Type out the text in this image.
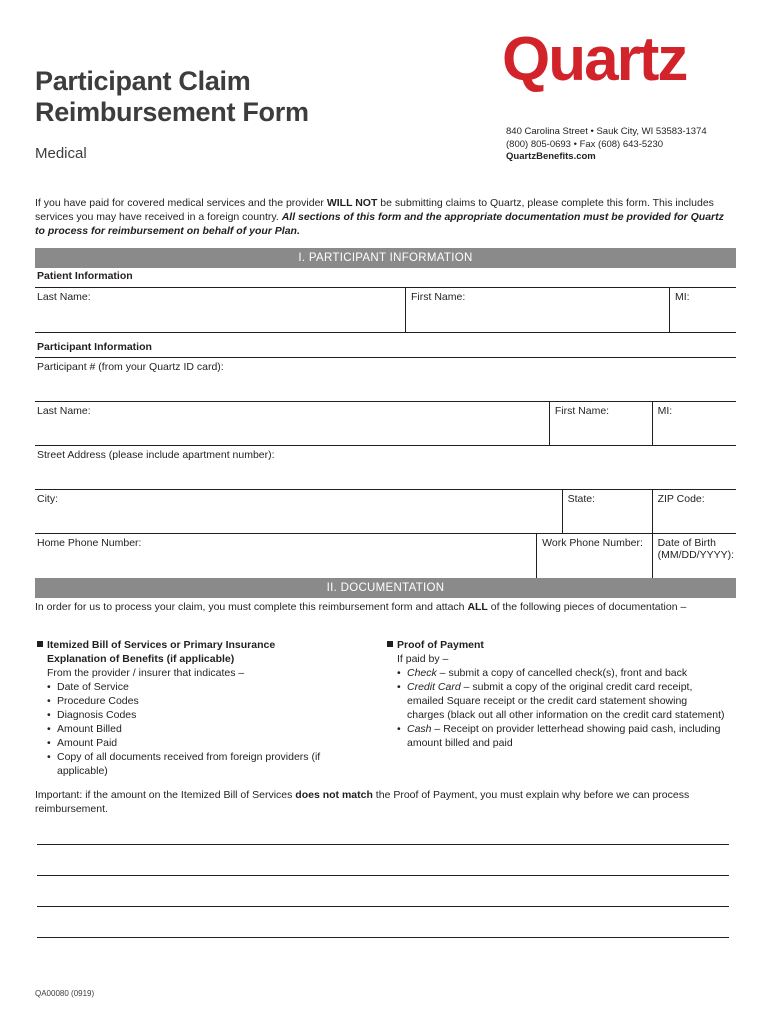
Participant Claim
Reimbursement Form
Medical
Quartz
840 Carolina Street • Sauk City, WI 53583-1374
(800) 805-0693 • Fax (608) 643-5230
QuartzBenefits.com
If you have paid for covered medical services and the provider WILL NOT be submitting claims to Quartz, please complete this form. This includes services you may have received in a foreign country. All sections of this form and the appropriate documentation must be provided for Quartz to process for reimbursement on behalf of your Plan.
I. PARTICIPANT INFORMATION
Patient Information
Last Name:	First Name:	MI:
Participant Information				
Participant # (from your Quartz ID card):				
Last Name:		First Name:		MI:
Street Address (please include apartment number):				
City:			State:	ZIP Code:
Home Phone Number:	Work Phone Number:			Date of Birth (MM/DD/YYYY):
II. DOCUMENTATION
In order for us to process your claim, you must complete this reimbursement form and attach ALL of the following pieces of documentation –
Itemized Bill of Services or Primary Insurance
Explanation of Benefits (if applicable)
From the provider / insurer that indicates –
• Date of Service
• Procedure Codes
• Diagnosis Codes
• Amount Billed
• Amount Paid
• Copy of all documents received from foreign providers (if applicable)
Proof of Payment
If paid by –
• Check – submit a copy of cancelled check(s), front and back
• Credit Card – submit a copy of the original credit card receipt, emailed Square receipt or the credit card statement showing charges (black out all other information on the credit card statement)
• Cash – Receipt on provider letterhead showing paid cash, including amount billed and paid
Important: if the amount on the Itemized Bill of Services does not match the Proof of Payment, you must explain why before we can process reimbursement.
QA00080 (0919)
